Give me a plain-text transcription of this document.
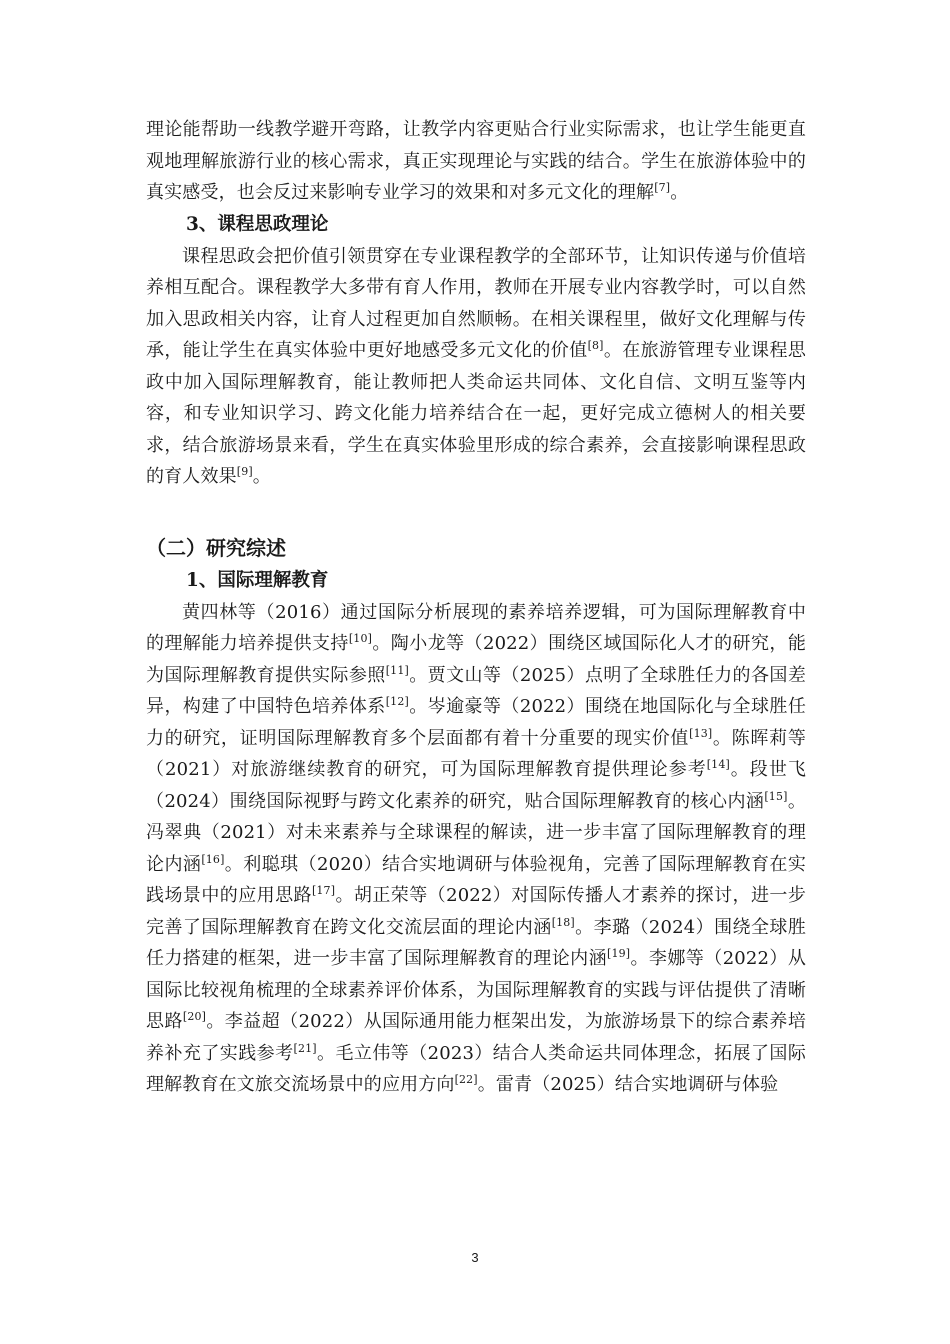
理论能帮助一线教学避开弯路，让教学内容更贴合行业实际需求，也让学生能更直观地理解旅游行业的核心需求，真正实现理论与实践的结合。学生在旅游体验中的真实感受，也会反过来影响专业学习的效果和对多元文化的理解[7]。

3、课程思政理论

课程思政会把价值引领贯穿在专业课程教学的全部环节，让知识传递与价值培养相互配合。课程教学大多带有育人作用，教师在开展专业内容教学时，可以自然加入思政相关内容，让育人过程更加自然顺畅。在相关课程里，做好文化理解与传承，能让学生在真实体验中更好地感受多元文化的价值[8]。在旅游管理专业课程思政中加入国际理解教育，能让教师把人类命运共同体、文化自信、文明互鉴等内容，和专业知识学习、跨文化能力培养结合在一起，更好完成立德树人的相关要求，结合旅游场景来看，学生在真实体验里形成的综合素养，会直接影响课程思政的育人效果[9]。

（二）研究综述
1、国际理解教育

黄四林等（2016）通过国际分析展现的素养培养逻辑，可为国际理解教育中的理解能力培养提供支持[10]。陶小龙等（2022）围绕区域国际化人才的研究，能为国际理解教育提供实际参照[11]。贾文山等（2025）点明了全球胜任力的各国差异，构建了中国特色培养体系[12]。岑逾豪等（2022）围绕在地国际化与全球胜任力的研究，证明国际理解教育多个层面都有着十分重要的现实价值[13]。陈晖莉等（2021）对旅游继续教育的研究，可为国际理解教育提供理论参考[14]。段世飞（2024）围绕国际视野与跨文化素养的研究，贴合国际理解教育的核心内涵[15]。冯翠典（2021）对未来素养与全球课程的解读，进一步丰富了国际理解教育的理论内涵[16]。利聪琪（2020）结合实地调研与体验视角，完善了国际理解教育在实践场景中的应用思路[17]。胡正荣等（2022）对国际传播人才素养的探讨，进一步完善了国际理解教育在跨文化交流层面的理论内涵[18]。李璐（2024）围绕全球胜任力搭建的框架，进一步丰富了国际理解教育的理论内涵[19]。李娜等（2022）从国际比较视角梳理的全球素养评价体系，为国际理解教育的实践与评估提供了清晰思路[20]。李益超（2022）从国际通用能力框架出发，为旅游场景下的综合素养培养补充了实践参考[21]。毛立伟等（2023）结合人类命运共同体理念，拓展了国际理解教育在文旅交流场景中的应用方向[22]。雷青（2025）结合实地调研与体验

3
